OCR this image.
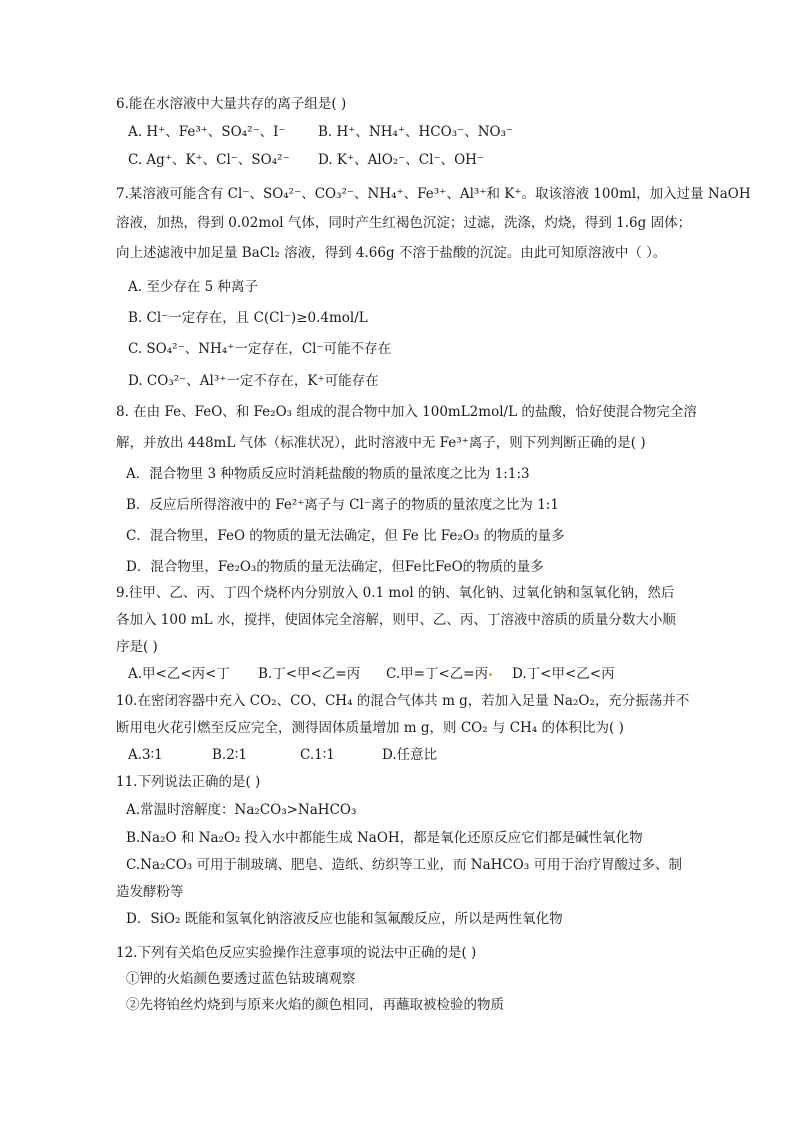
6.能在水溶液中大量共存的离子组是( )
A. H⁺、Fe³⁺、SO₄²⁻、I⁻ B. H⁺、NH₄⁺、HCO₃⁻、NO₃⁻
C. Ag⁺、K⁺、Cl⁻、SO₄²⁻ D. K⁺、AlO₂⁻、Cl⁻、OH⁻
7.某溶液可能含有 Cl⁻、SO₄²⁻、CO₃²⁻、NH₄⁺、Fe³⁺、Al³⁺和 K⁺。取该溶液 100ml，加入过量 NaOH
溶液，加热，得到 0.02mol 气体，同时产生红褐色沉淀；过滤，洗涤，灼烧，得到 1.6g 固体；
向上述滤液中加足量 BaCl₂ 溶液，得到 4.66g 不溶于盐酸的沉淀。由此可知原溶液中（ ）。
A. 至少存在 5 种离子
B. Cl⁻一定存在，且 C(Cl⁻)≥0.4mol/L
C. SO₄²⁻、NH₄⁺一定存在，Cl⁻可能不存在
D. CO₃²⁻、Al³⁺一定不存在，K⁺可能存在
8. 在由 Fe、FeO、和 Fe₂O₃ 组成的混合物中加入 100mL2mol/L 的盐酸，恰好使混合物完全溶
解，并放出 448mL 气体（标准状况），此时溶液中无 Fe³⁺离子，则下列判断正确的是( )
A．混合物里 3 种物质反应时消耗盐酸的物质的量浓度之比为 1:1:3
B．反应后所得溶液中的 Fe²⁺离子与 Cl⁻离子的物质的量浓度之比为 1:1
C．混合物里，FeO 的物质的量无法确定，但 Fe 比 Fe₂O₃ 的物质的量多
D．混合物里，Fe₂O₃的物质的量无法确定，但Fe比FeO的物质的量多
9.往甲、乙、丙、丁四个烧杯内分别放入 0.1 mol 的钠、氧化钠、过氧化钠和氢氧化钠，然后
各加入 100 mL 水，搅拌，使固体完全溶解，则甲、乙、丙、丁溶液中溶质的质量分数大小顺
序是( )
A.甲<乙<丙<丁 B.丁<甲<乙=丙 C.甲=丁<乙=丙 D.丁<甲<乙<丙
10.在密闭容器中充入 CO₂、CO、CH₄ 的混合气体共 m g，若加入足量 Na₂O₂，充分振荡并不
断用电火花引燃至反应完全，测得固体质量增加 m g，则 CO₂ 与 CH₄ 的体积比为( )
A.3∶1	B.2∶1	C.1∶1	D.任意比
11.下列说法正确的是( )
A.常温时溶解度：Na₂CO₃>NaHCO₃
B.Na₂O 和 Na₂O₂ 投入水中都能生成 NaOH，都是氧化还原反应它们都是碱性氧化物
C.Na₂CO₃ 可用于制玻璃、肥皂、造纸、纺织等工业，而 NaHCO₃ 可用于治疗胃酸过多、制
造发酵粉等
D．SiO₂ 既能和氢氧化钠溶液反应也能和氢氟酸反应，所以是两性氧化物
12.下列有关焰色反应实验操作注意事项的说法中正确的是( )
①钾的火焰颜色要透过蓝色钴玻璃观察
②先将铂丝灼烧到与原来火焰的颜色相同，再蘸取被检验的物质
